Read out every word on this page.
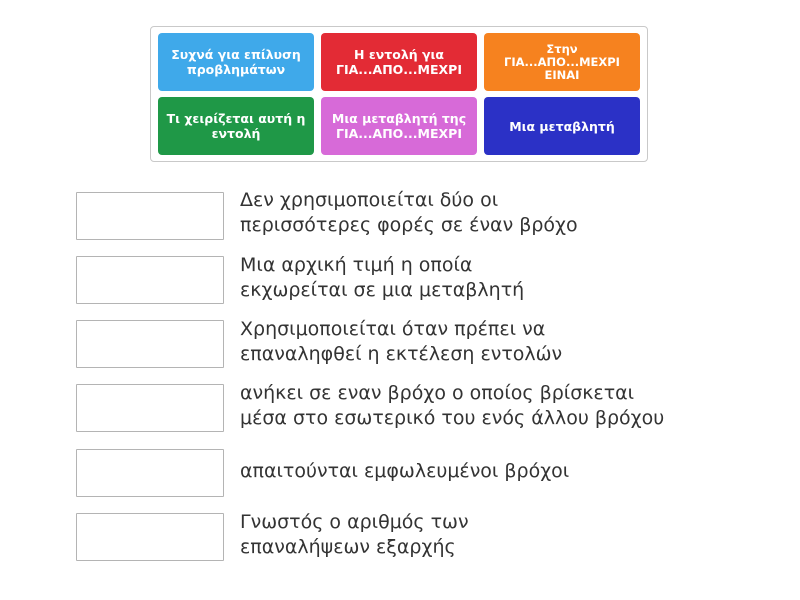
Συχνά για επίλυση προβλημάτων
Η εντολή για ΓΙΑ...ΑΠΟ...ΜΕΧΡΙ
Στην ΓΙΑ...ΑΠΟ...ΜΕΧΡΙ ΕΙΝΑΙ
Τι χειρίζεται αυτή η εντολή
Μια μεταβλητή της ΓΙΑ...ΑΠΟ...ΜΕΧΡΙ	Μια μεταβλητή
Δεν χρησιμοποιείται δύο οι
περισσότερες φορές σε έναν βρόχο
Μια αρχική τιμή η οποία
εκχωρείται σε μια μεταβλητή
Χρησιμοποιείται όταν πρέπει να
επαναληφθεί η εκτέλεση εντολών
ανήκει σε εναν βρόχο ο οποίος βρίσκεται
μέσα στο εσωτερικό του ενός άλλου βρόχου
απαιτούνται εμφωλευμένοι βρόχοι
Γνωστός ο αριθμός των
επαναλήψεων εξαρχής
